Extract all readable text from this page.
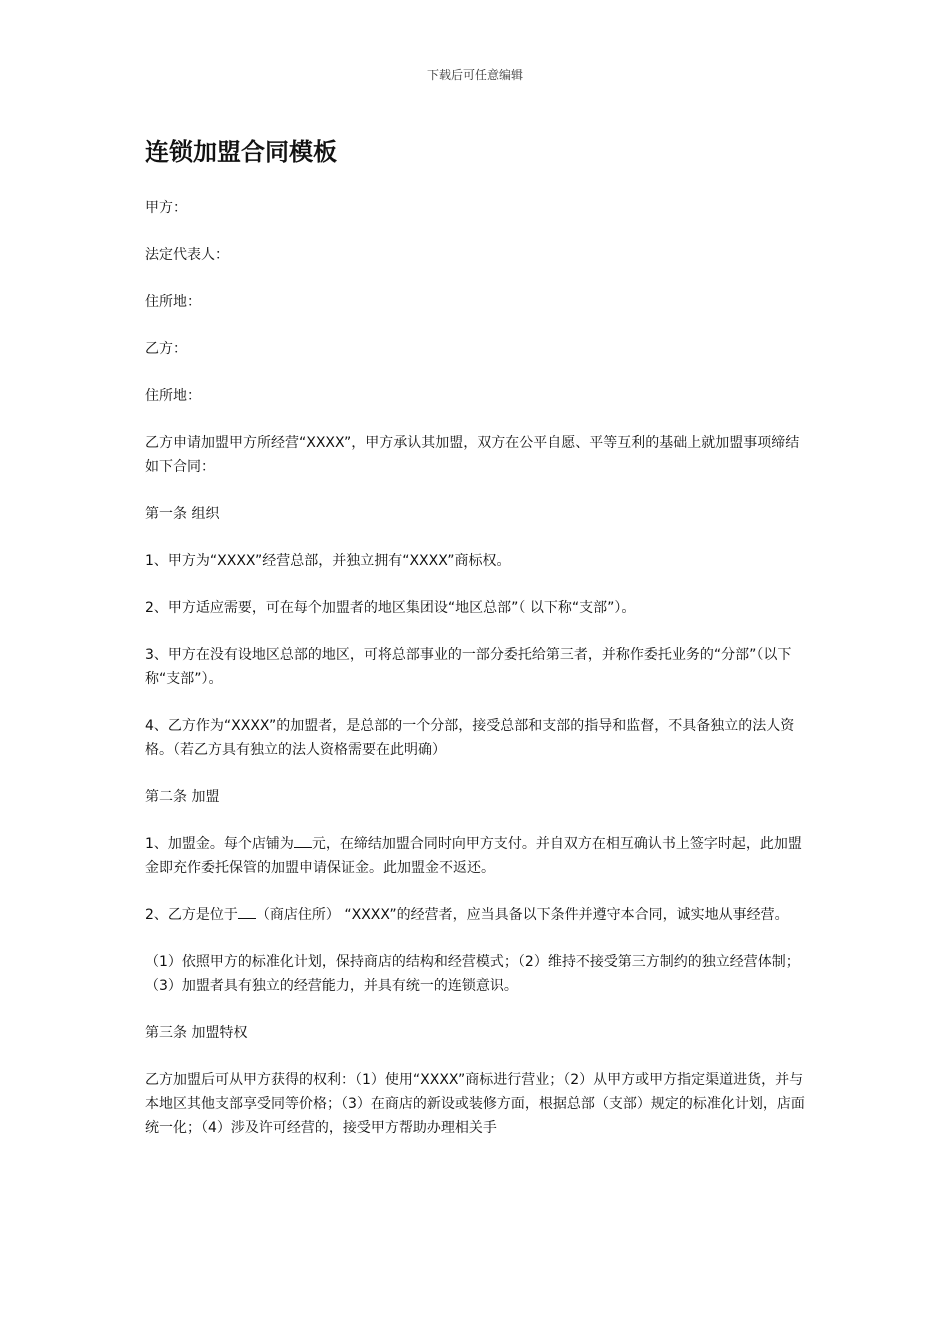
下载后可任意编辑
连锁加盟合同模板

甲方：

法定代表人：

住所地：

乙方：

住所地：

乙方申请加盟甲方所经营“XXXX”，甲方承认其加盟，双方在公平自愿、平等互利的基础上就加盟事项缔结如下合同：

第一条 组织

1、甲方为“XXXX”经营总部，并独立拥有“XXXX”商标权。

2、甲方适应需要，可在每个加盟者的地区集团设“地区总部”（ 以下称“支部”）。

3、甲方在没有设地区总部的地区，可将总部事业的一部分委托给第三者，并称作委托业务的“分部”（以下称“支部”）。

4、乙方作为“XXXX”的加盟者，是总部的一个分部，接受总部和支部的指导和监督，不具备独立的法人资格。（若乙方具有独立的法人资格需要在此明确）

第二条 加盟

1、加盟金。每个店铺为 元，在缔结加盟合同时向甲方支付。并自双方在相互确认书上签字时起，此加盟金即充作委托保管的加盟申请保证金。此加盟金不返还。

2、乙方是位于 （商店住所） “XXXX”的经营者，应当具备以下条件并遵守本合同，诚实地从事经营。

（1）依照甲方的标准化计划，保持商店的结构和经营模式；（2）维持不接受第三方制约的独立经营体制；（3）加盟者具有独立的经营能力，并具有统一的连锁意识。

第三条 加盟特权

乙方加盟后可从甲方获得的权利：（1）使用“XXXX”商标进行营业；（2）从甲方或甲方指定渠道进货，并与本地区其他支部享受同等价格；（3）在商店的新设或装修方面，根据总部（支部）规定的标准化计划，店面统一化；（4）涉及许可经营的，接受甲方帮助办理相关手
